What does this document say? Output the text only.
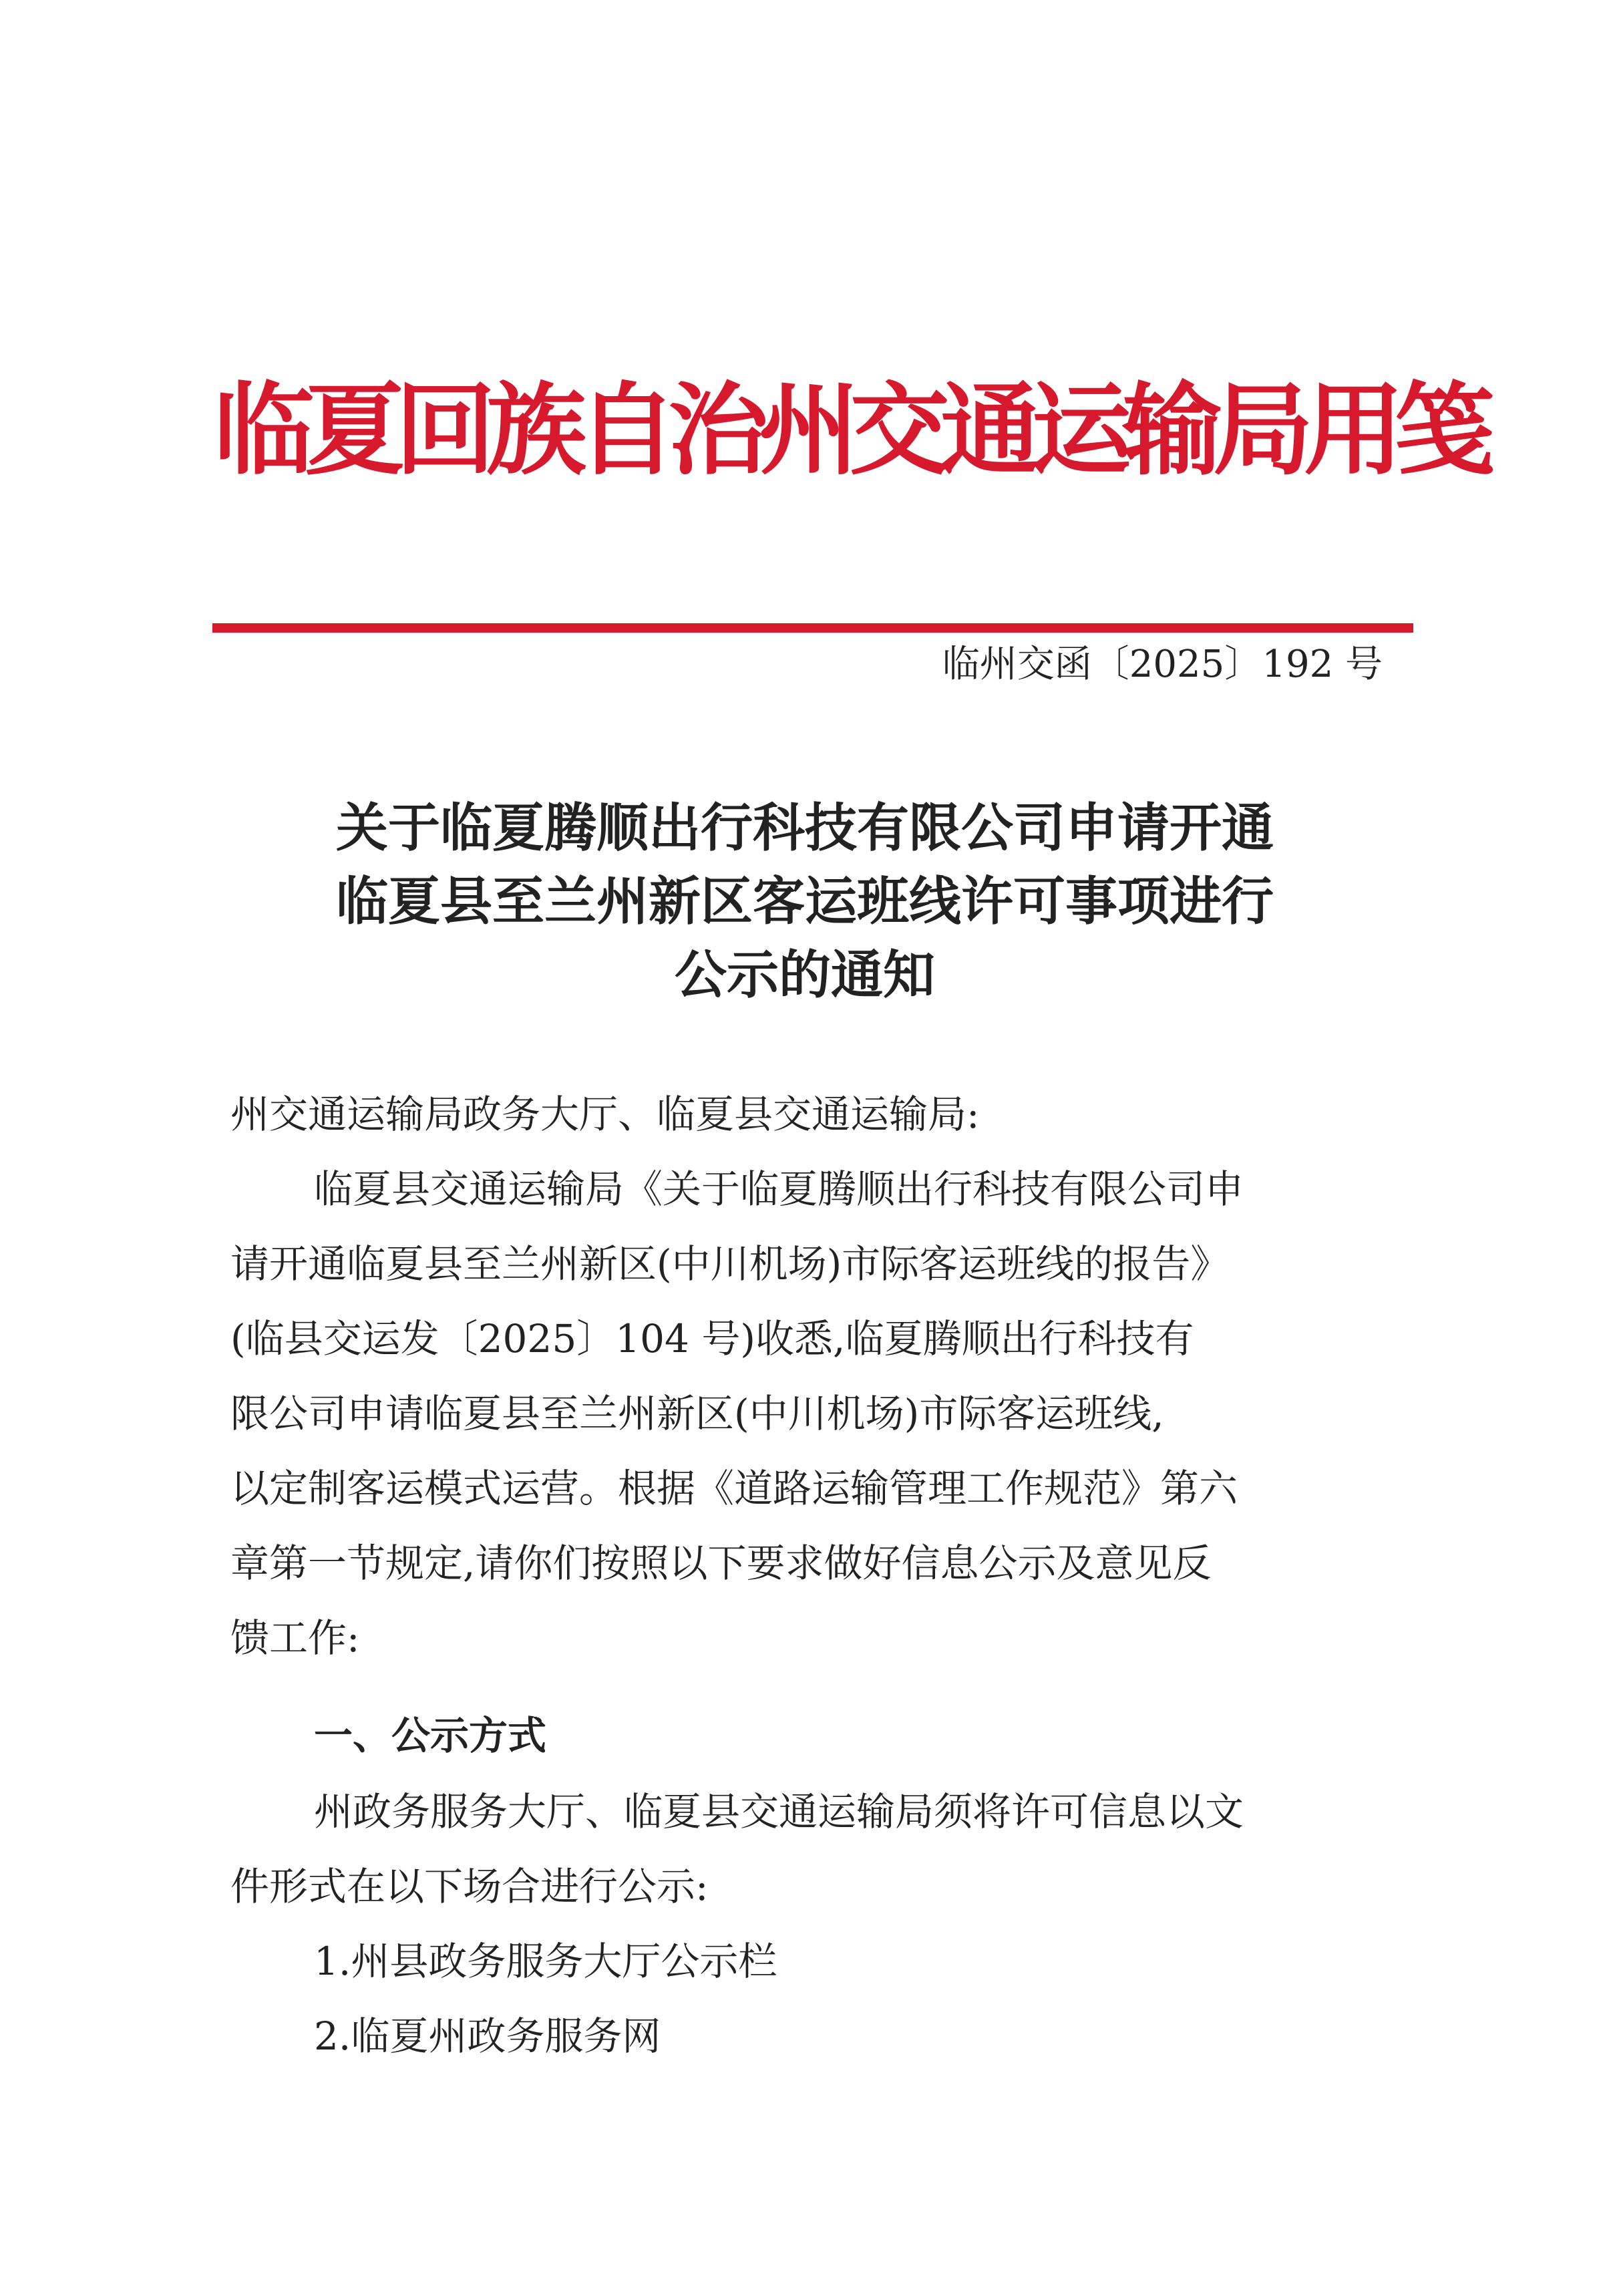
临夏回族自治州交通运输局用笺
临州交函〔2025〕192 号
关于临夏腾顺出行科技有限公司申请开通
临夏县至兰州新区客运班线许可事项进行
公示的通知
州交通运输局政务大厅、临夏县交通运输局:
临夏县交通运输局《关于临夏腾顺出行科技有限公司申
请开通临夏县至兰州新区(中川机场)市际客运班线的报告》
(临县交运发〔2025〕104 号)收悉,临夏腾顺出行科技有
限公司申请临夏县至兰州新区(中川机场)市际客运班线,
以定制客运模式运营。根据《道路运输管理工作规范》第六
章第一节规定,请你们按照以下要求做好信息公示及意见反
馈工作:
一、公示方式
州政务服务大厅、临夏县交通运输局须将许可信息以文
件形式在以下场合进行公示:
1.州县政务服务大厅公示栏
2.临夏州政务服务网
